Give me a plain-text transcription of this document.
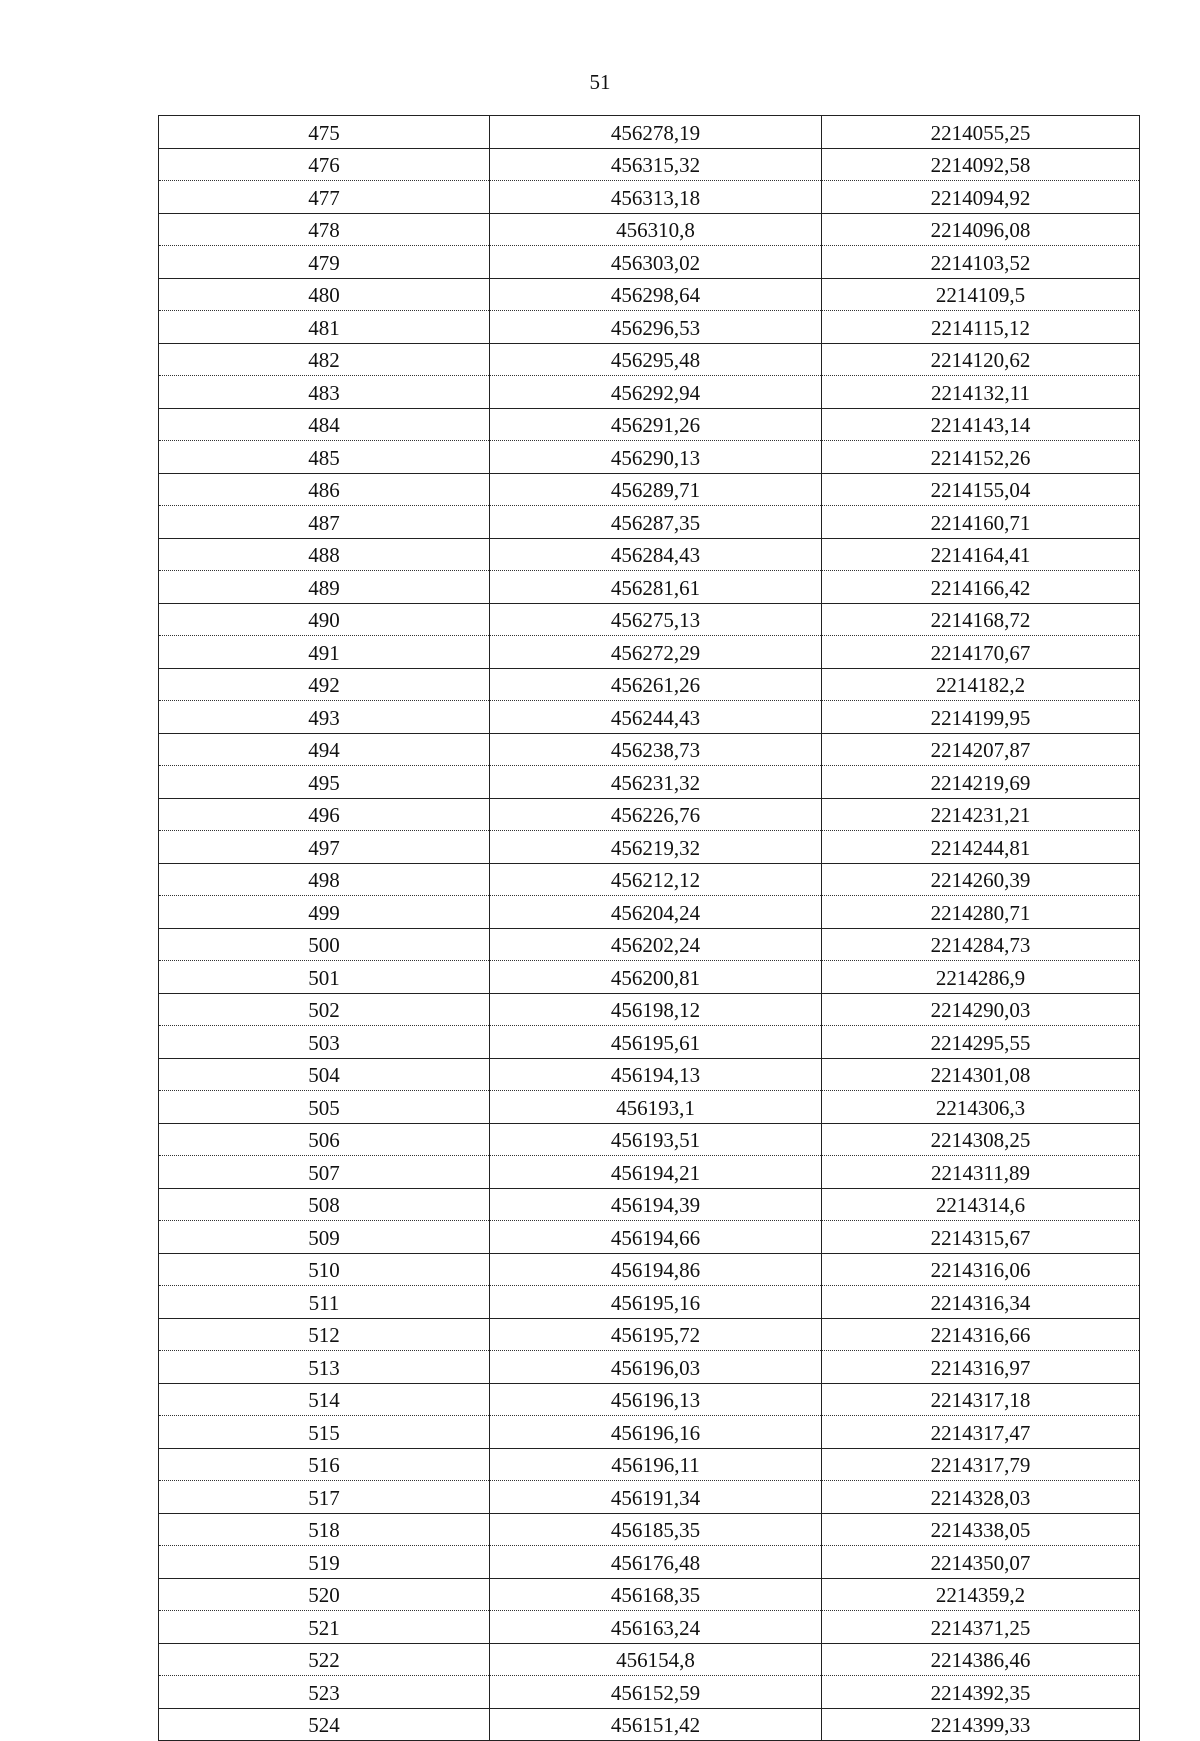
51
475	456278,19	2214055,25
476	456315,32	2214092,58
477	456313,18	2214094,92
478	456310,8	2214096,08
479	456303,02	2214103,52
480	456298,64	2214109,5
481	456296,53	2214115,12
482	456295,48	2214120,62
483	456292,94	2214132,11
484	456291,26	2214143,14
485	456290,13	2214152,26
486	456289,71	2214155,04
487	456287,35	2214160,71
488	456284,43	2214164,41
489	456281,61	2214166,42
490	456275,13	2214168,72
491	456272,29	2214170,67
492	456261,26	2214182,2
493	456244,43	2214199,95
494	456238,73	2214207,87
495	456231,32	2214219,69
496	456226,76	2214231,21
497	456219,32	2214244,81
498	456212,12	2214260,39
499	456204,24	2214280,71
500	456202,24	2214284,73
501	456200,81	2214286,9
502	456198,12	2214290,03
503	456195,61	2214295,55
504	456194,13	2214301,08
505	456193,1	2214306,3
506	456193,51	2214308,25
507	456194,21	2214311,89
508	456194,39	2214314,6
509	456194,66	2214315,67
510	456194,86	2214316,06
511	456195,16	2214316,34
512	456195,72	2214316,66
513	456196,03	2214316,97
514	456196,13	2214317,18
515	456196,16	2214317,47
516	456196,11	2214317,79
517	456191,34	2214328,03
518	456185,35	2214338,05
519	456176,48	2214350,07
520	456168,35	2214359,2
521	456163,24	2214371,25
522	456154,8	2214386,46
523	456152,59	2214392,35
524	456151,42	2214399,33
